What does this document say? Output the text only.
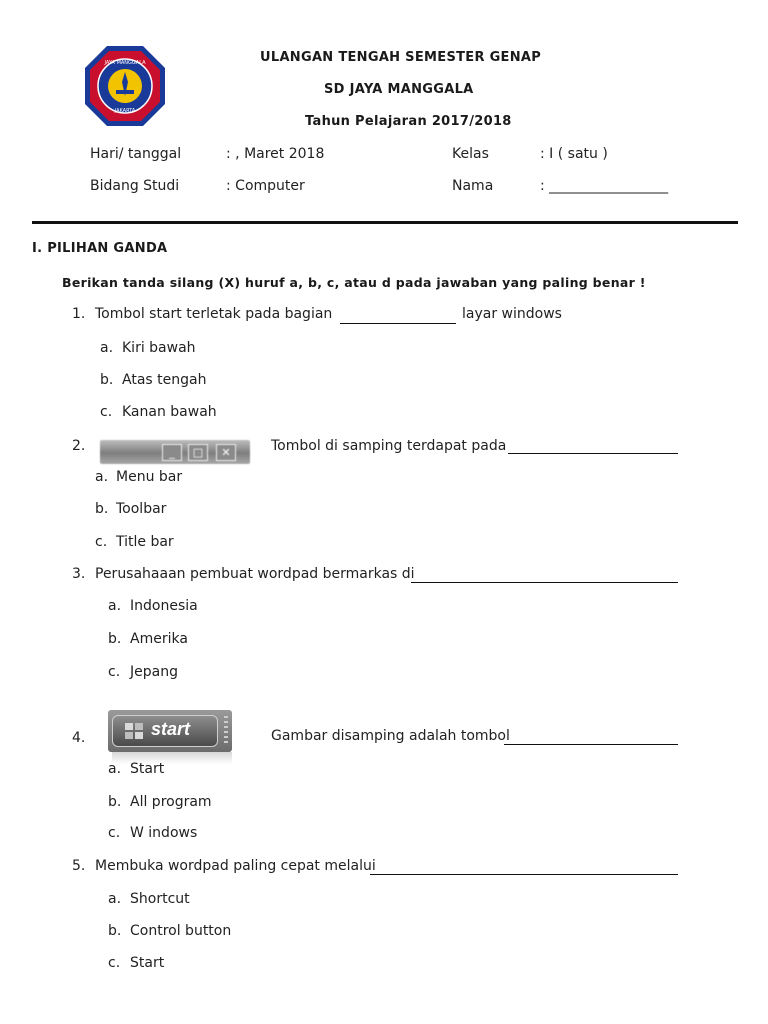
JAYA MANGGALA
JAKARTA
ULANGAN TENGAH SEMESTER GENAP
SD JAYA MANGGALA
Tahun Pelajaran 2017/2018
Hari/ tanggal	: , Maret 2018	Kelas	: I ( satu )
Bidang Studi	: Computer	Nama	: _________________
I. PILIHAN GANDA
Berikan tanda silang (X) huruf a, b, c, atau d pada jawaban yang paling benar !
1. Tombol start terletak pada bagian	layar windows
a. Kiri bawah
b. Atas tengah
c. Kanan bawah
2.	_	□	✕	Tombol di samping terdapat pada
a. Menu bar
b. Toolbar
c. Title bar
3. Perusahaaan pembuat wordpad bermarkas di
a. Indonesia
b. Amerika
c. Jepang
4.	start	Gambar disamping adalah tombol
a. Start
b. All program
c. W indows
5. Membuka wordpad paling cepat melalui
a. Shortcut
b. Control button
c. Start
